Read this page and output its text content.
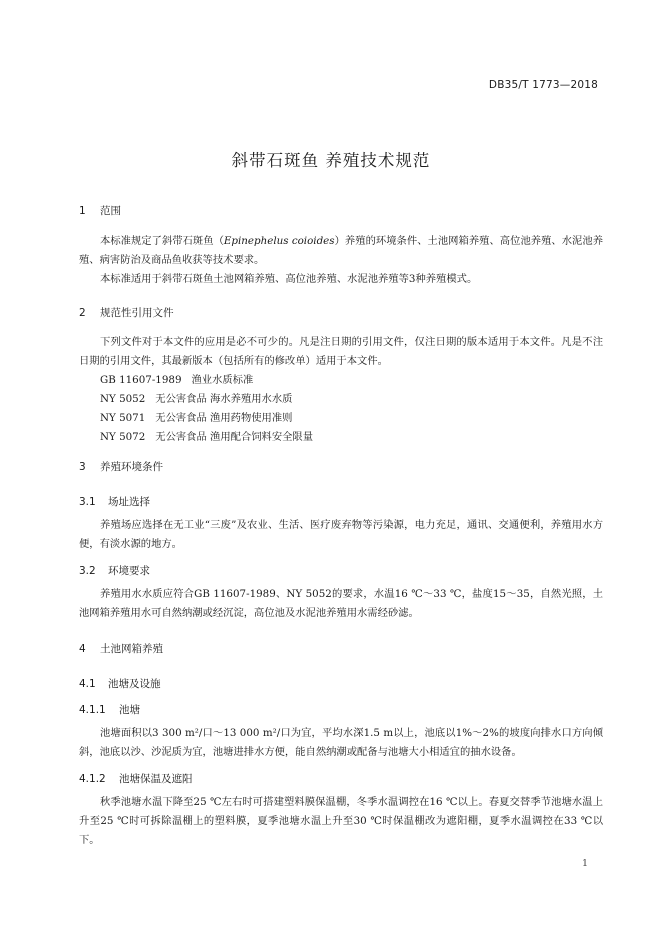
DB35/T 1773—2018
斜带石斑鱼 养殖技术规范
1 范围

本标准规定了斜带石斑鱼（Epinephelus coioides）养殖的环境条件、土池网箱养殖、高位池养殖、水泥池养殖、病害防治及商品鱼收获等技术要求。

本标准适用于斜带石斑鱼土池网箱养殖、高位池养殖、水泥池养殖等3种养殖模式。

2 规范性引用文件

下列文件对于本文件的应用是必不可少的。凡是注日期的引用文件，仅注日期的版本适用于本文件。凡是不注日期的引用文件，其最新版本（包括所有的修改单）适用于本文件。

GB 11607-1989 渔业水质标准
NY 5052 无公害食品 海水养殖用水水质
NY 5071 无公害食品 渔用药物使用准则
NY 5072 无公害食品 渔用配合饲料安全限量
3 养殖环境条件
3.1 场址选择

养殖场应选择在无工业“三废”及农业、生活、医疗废弃物等污染源，电力充足，通讯、交通便利，养殖用水方便，有淡水源的地方。

3.2 环境要求

养殖用水水质应符合GB 11607-1989、NY 5052的要求，水温16 ℃～33 ℃，盐度15～35，自然光照，土池网箱养殖用水可自然纳潮或经沉淀，高位池及水泥池养殖用水需经砂滤。

4 土池网箱养殖
4.1 池塘及设施
4.1.1 池塘

池塘面积以3 300 m²/口～13 000 m²/口为宜，平均水深1.5 m以上，池底以1%～2%的坡度向排水口方向倾斜，池底以沙、沙泥质为宜，池塘进排水方便，能自然纳潮或配备与池塘大小相适宜的抽水设备。

4.1.2 池塘保温及遮阳

秋季池塘水温下降至25 ℃左右时可搭建塑料膜保温棚，冬季水温调控在16 ℃以上。春夏交替季节池塘水温上升至25 ℃时可拆除温棚上的塑料膜，夏季池塘水温上升至30 ℃时保温棚改为遮阳棚，夏季水温调控在33 ℃以下。

1
